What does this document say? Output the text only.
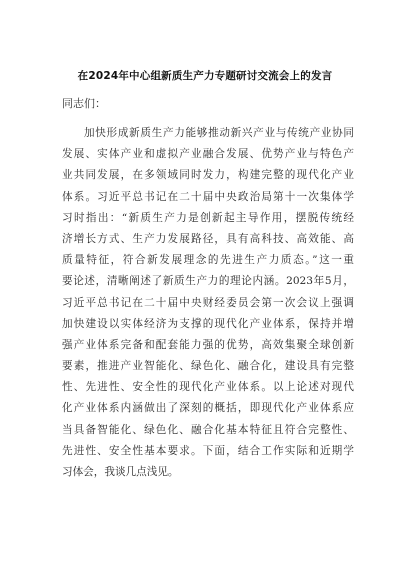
在2024年中心组新质生产力专题研讨交流会上的发言
同志们：
加快形成新质生产力能够推动新兴产业与传统产业协同
发展、实体产业和虚拟产业融合发展、优势产业与特色产
业共同发展，在多领域同时发力，构建完整的现代化产业
体系。习近平总书记在二十届中央政治局第十一次集体学
习时指出：“新质生产力是创新起主导作用，摆脱传统经
济增长方式、生产力发展路径，具有高科技、高效能、高
质量特征，符合新发展理念的先进生产力质态。”这一重
要论述，清晰阐述了新质生产力的理论内涵。2023年5月，
习近平总书记在二十届中央财经委员会第一次会议上强调
加快建设以实体经济为支撑的现代化产业体系，保持并增
强产业体系完备和配套能力强的优势，高效集聚全球创新
要素，推进产业智能化、绿色化、融合化，建设具有完整
性、先进性、安全性的现代化产业体系。以上论述对现代
化产业体系内涵做出了深刻的概括，即现代化产业体系应
当具备智能化、绿色化、融合化基本特征且符合完整性、
先进性、安全性基本要求。下面，结合工作实际和近期学
习体会，我谈几点浅见。
